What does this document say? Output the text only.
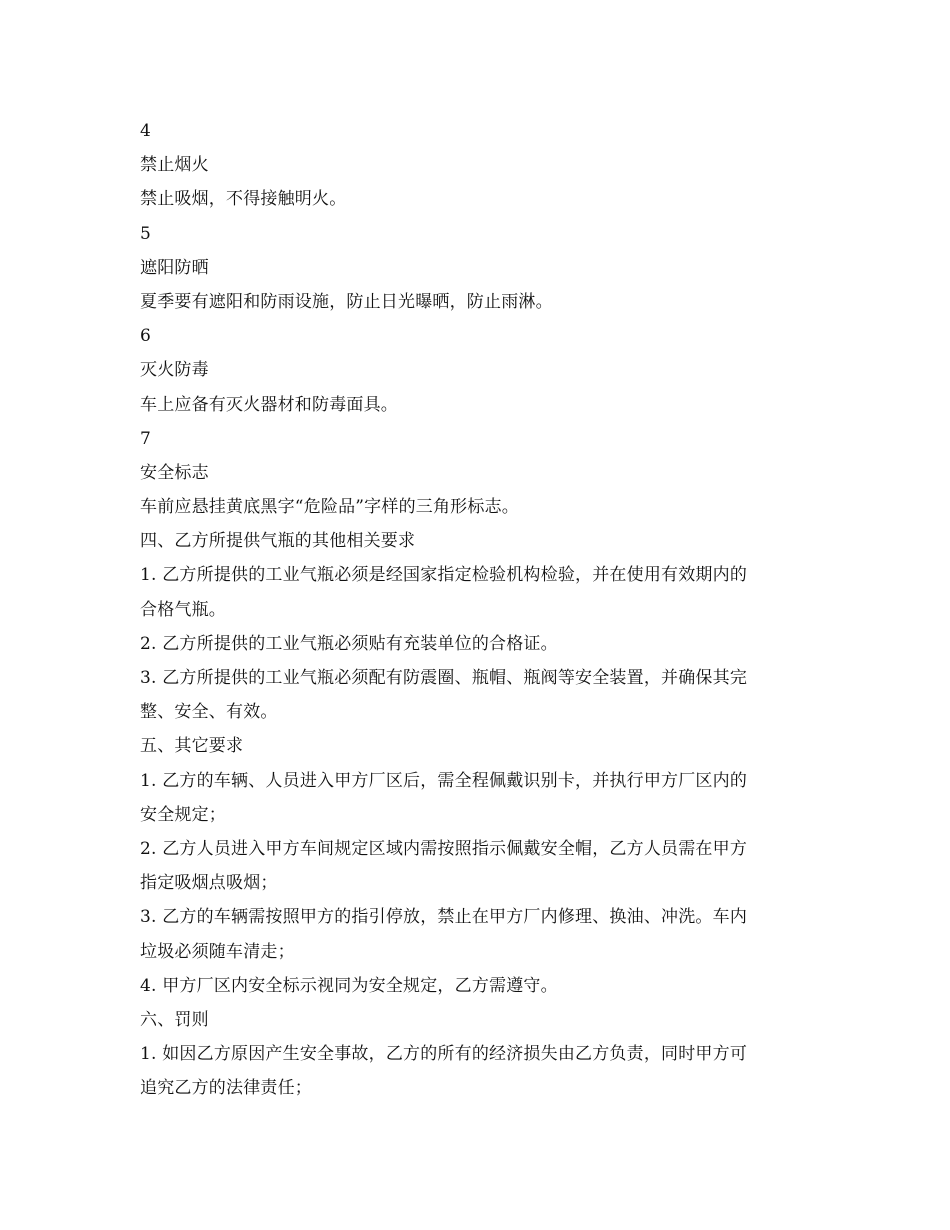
4
禁止烟火
禁止吸烟，不得接触明火。
5
遮阳防晒
夏季要有遮阳和防雨设施，防止日光曝晒，防止雨淋。
6
灭火防毒
车上应备有灭火器材和防毒面具。
7
安全标志
车前应悬挂黄底黑字“危险品”字样的三角形标志。
四、乙方所提供气瓶的其他相关要求
1. 乙方所提供的工业气瓶必须是经国家指定检验机构检验，并在使用有效期内的
合格气瓶。
2. 乙方所提供的工业气瓶必须贴有充装单位的合格证。
3. 乙方所提供的工业气瓶必须配有防震圈、瓶帽、瓶阀等安全装置，并确保其完
整、安全、有效。
五、其它要求
1. 乙方的车辆、人员进入甲方厂区后，需全程佩戴识别卡，并执行甲方厂区内的
安全规定；
2. 乙方人员进入甲方车间规定区域内需按照指示佩戴安全帽，乙方人员需在甲方
指定吸烟点吸烟；
3. 乙方的车辆需按照甲方的指引停放，禁止在甲方厂内修理、换油、冲洗。车内
垃圾必须随车清走；
4. 甲方厂区内安全标示视同为安全规定，乙方需遵守。
六、罚则
1. 如因乙方原因产生安全事故，乙方的所有的经济损失由乙方负责，同时甲方可
追究乙方的法律责任；
